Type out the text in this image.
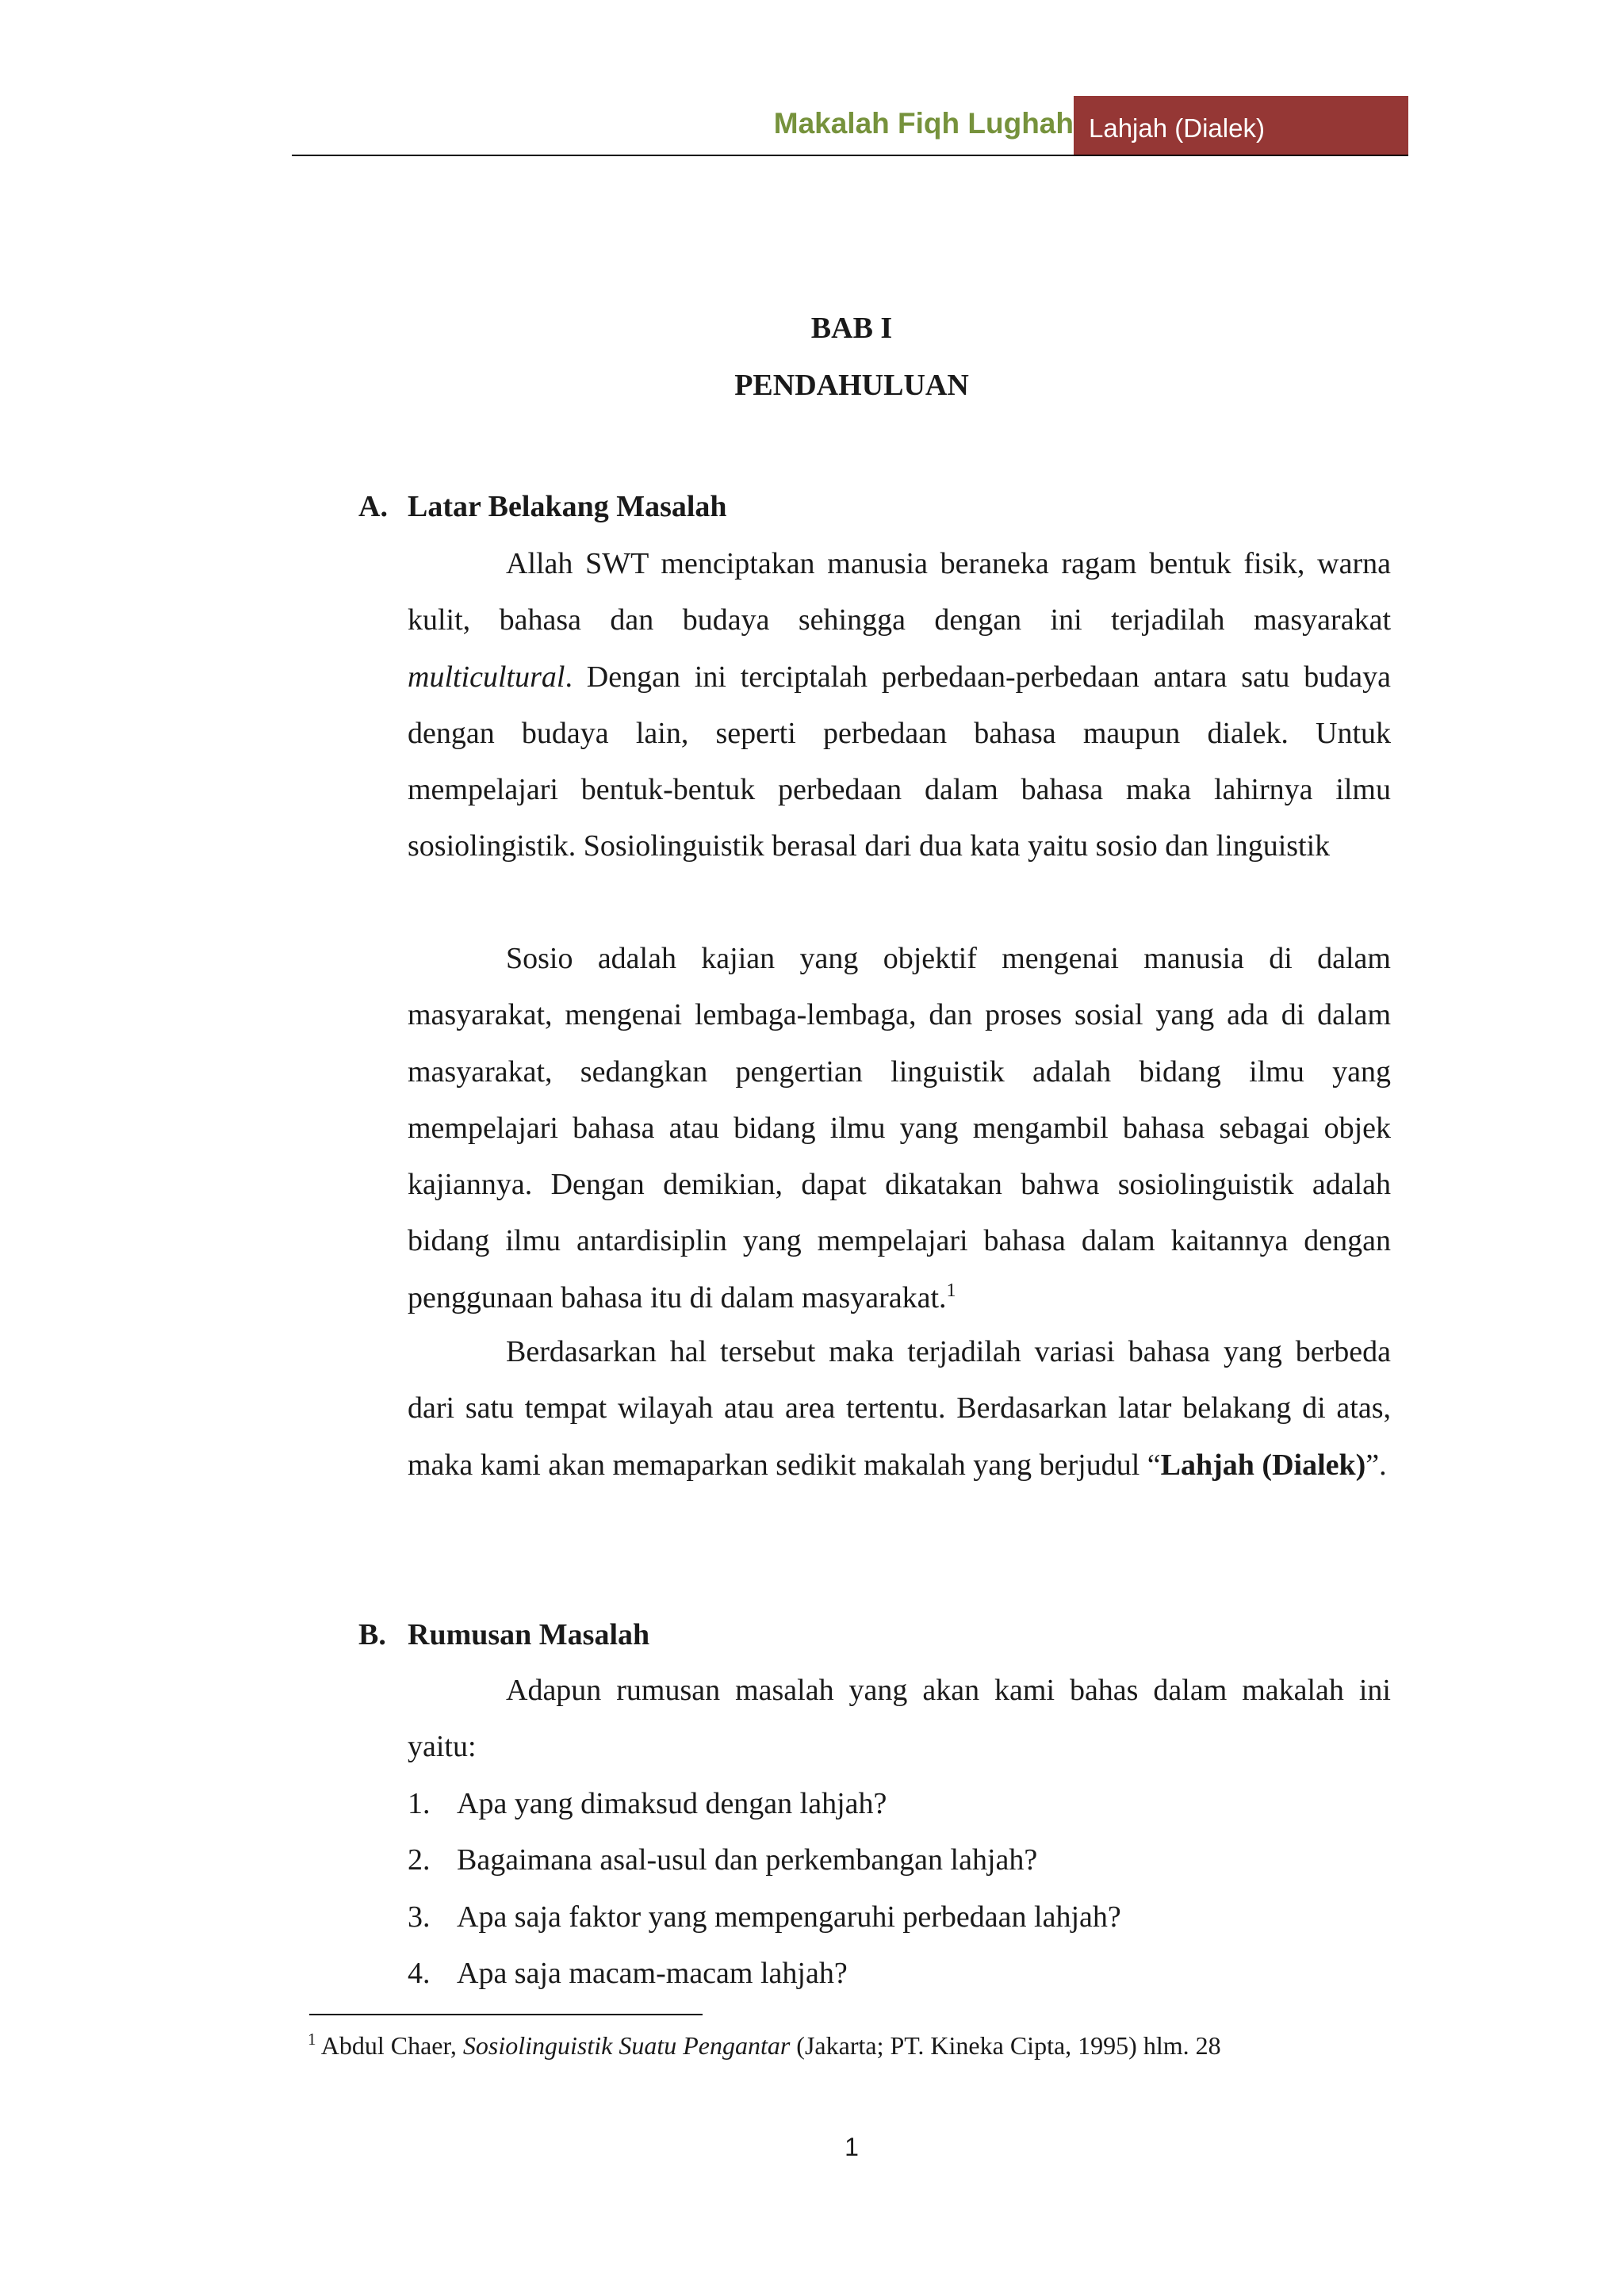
Makalah Fiqh Lughah Lahjah (Dialek)
BAB I
PENDAHULUAN
A. Latar Belakang Masalah

Allah SWT menciptakan manusia beraneka ragam bentuk fisik, warna kulit, bahasa dan budaya sehingga dengan ini terjadilah masyarakat multicultural. Dengan ini terciptalah perbedaan-perbedaan antara satu budaya dengan budaya lain, seperti perbedaan bahasa maupun dialek. Untuk mempelajari bentuk-bentuk perbedaan dalam bahasa maka lahirnya ilmu sosiolingistik. Sosiolinguistik berasal dari dua kata yaitu sosio dan linguistik

Sosio adalah kajian yang objektif mengenai manusia di dalam masyarakat, mengenai lembaga-lembaga, dan proses sosial yang ada di dalam masyarakat, sedangkan pengertian linguistik adalah bidang ilmu yang mempelajari bahasa atau bidang ilmu yang mengambil bahasa sebagai objek kajiannya. Dengan demikian, dapat dikatakan bahwa sosiolinguistik adalah bidang ilmu antardisiplin yang mempelajari bahasa dalam kaitannya dengan penggunaan bahasa itu di dalam masyarakat.$^1$

Berdasarkan hal tersebut maka terjadilah variasi bahasa yang berbeda dari satu tempat wilayah atau area tertentu. Berdasarkan latar belakang di atas, maka kami akan memaparkan sedikit makalah yang berjudul “Lahjah (Dialek)”.

B. Rumusan Masalah

Adapun rumusan masalah yang akan kami bahas dalam makalah ini yaitu:

1. Apa yang dimaksud dengan lahjah?
2. Bagaimana asal-usul dan perkembangan lahjah?
3. Apa saja faktor yang mempengaruhi perbedaan lahjah?
4. Apa saja macam-macam lahjah?
$^1$ Abdul Chaer, Sosiolinguistik Suatu Pengantar (Jakarta; PT. Kineka Cipta, 1995) hlm. 28
1
